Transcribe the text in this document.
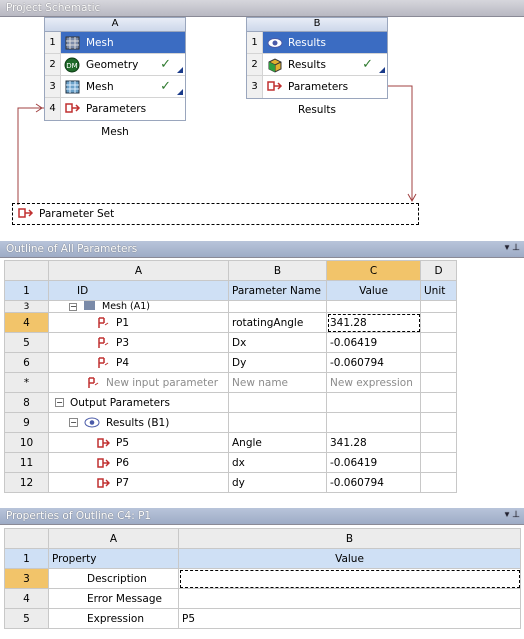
Project Schematic
A
1	Mesh
2	DM Geometry ✓
3	Mesh	✓
4	Parameters
Mesh
B
1	Results
2	Results	✓
3	Parameters
Results
Parameter Set
Outline of All Parameters	▾ ⊥
	A	B	C	D
1	ID	Parameter Name	Value	Unit
3	− Mesh (A1)			
4	P1	rotatingAngle	341.28	
5	P3	Dx	-0.06419	
6	P4	Dy	-0.060794	
*	New input parameter	New name	New expression	
8	− Output Parameters			
9	− Results (B1)			
10	P5	Angle	341.28	
11	P6	dx	-0.06419	
12	P7	dy	-0.060794	
Properties of Outline C4: P1	▾ ⊥
	A	B
1	Property	Value
3	Description	
4	Error Message	
5	Expression	P5
